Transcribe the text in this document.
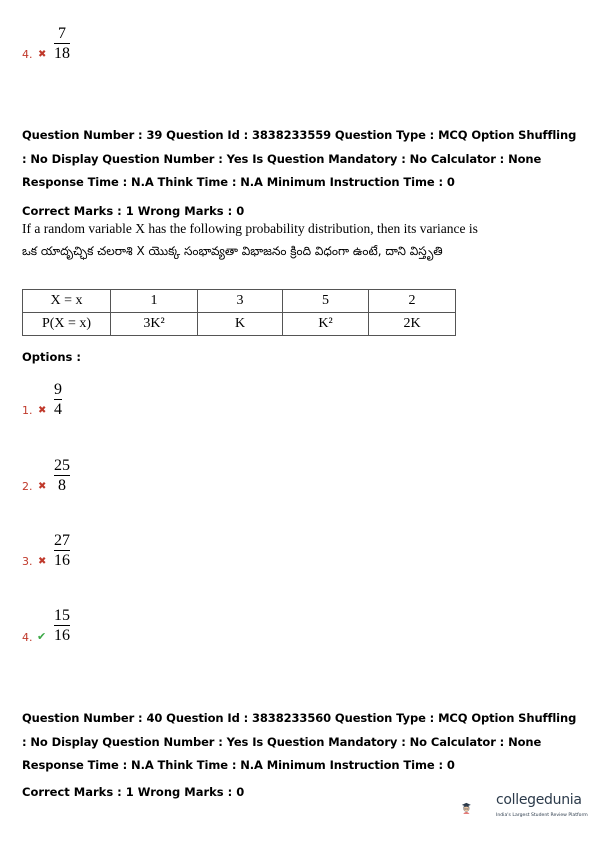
4. ✖
7
18
Question Number : 39 Question Id : 3838233559 Question Type : MCQ Option Shuffling : No Display Question Number : Yes Is Question Mandatory : No Calculator : None Response Time : N.A Think Time : N.A Minimum Instruction Time : 0
Correct Marks : 1 Wrong Marks : 0
If a random variable X has the following probability distribution, then its variance is
ఒక యాదృచ్ఛిక చలరాశి X యొక్క సంభావ్యతా విభాజనం క్రింది విధంగా ఉంటే, దాని విస్తృతి
X = x	1	3	5	2
P(X = x)	3K²	K	K²	2K
Options :
1. ✖
9
4
2. ✖
25
8
3. ✖
27
16
4. ✔
15
16
Question Number : 40 Question Id : 3838233560 Question Type : MCQ Option Shuffling : No Display Question Number : Yes Is Question Mandatory : No Calculator : None Response Time : N.A Think Time : N.A Minimum Instruction Time : 0
Correct Marks : 1 Wrong Marks : 0	collegedunia
India's Largest Student Review Platform
